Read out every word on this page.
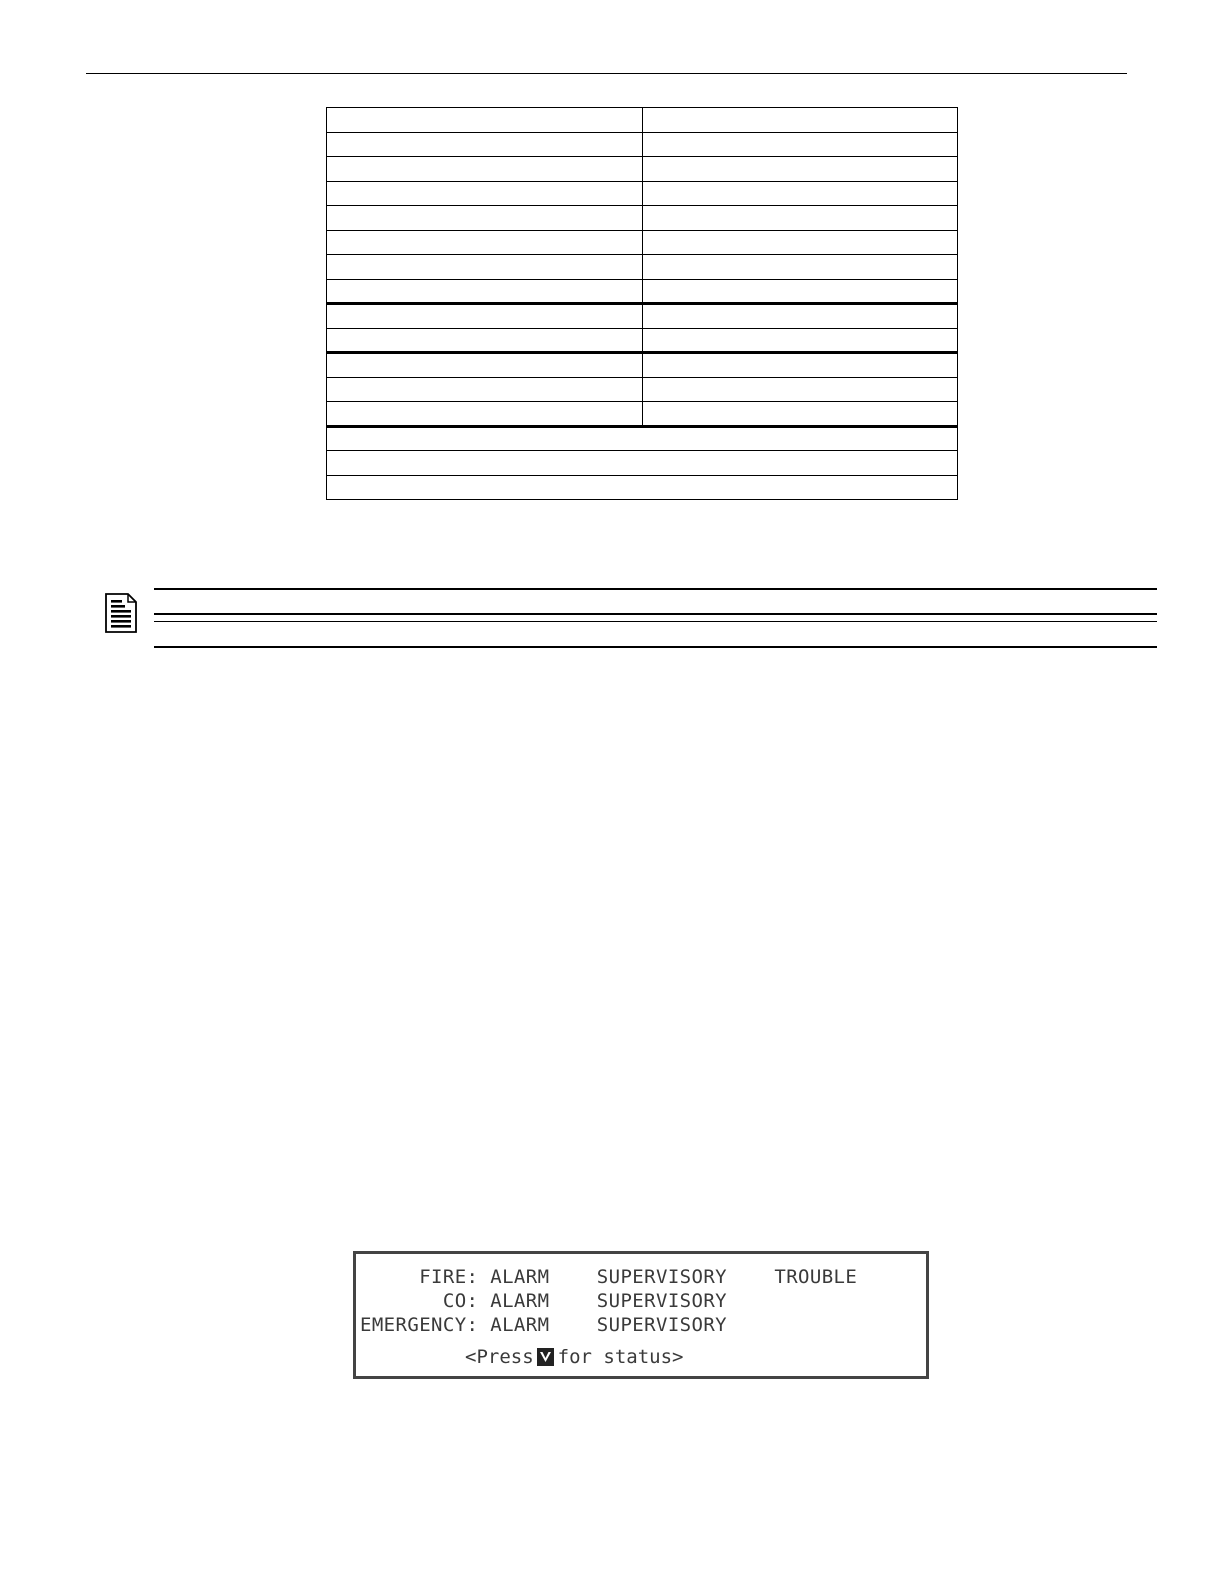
FIRE: ALARM    SUPERVISORY    TROUBLE
CO: ALARM    SUPERVISORY
EMERGENCY: ALARM    SUPERVISORY
<Press

for status>
